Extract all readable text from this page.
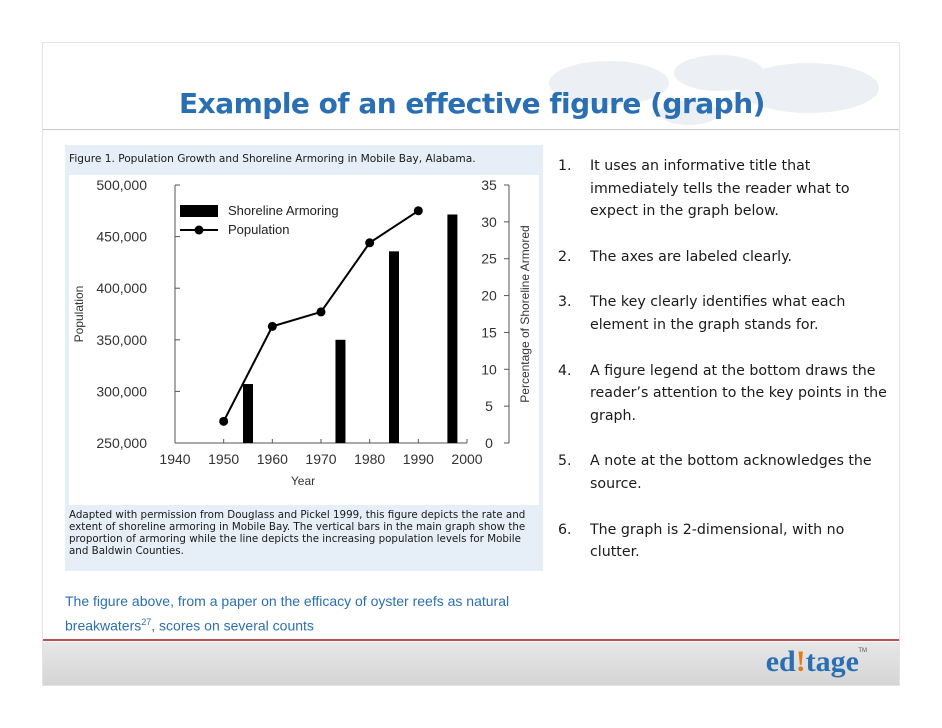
Example of an effective figure (graph)
Figure 1. Population Growth and Shoreline Armoring in Mobile Bay, Alabama.
500,000
450,000
400,000
350,000
300,000
250,000
35
30
25
20
15
10
5
0
1940 1950 1960 1970 1980 1990 2000
Year
Population	Percentage of Shoreline Armored
Shoreline Armoring
Population
Adapted with permission from Douglass and Pickel 1999, this figure depicts the rate and extent of shoreline armoring in Mobile Bay. The vertical bars in the main graph show the proportion of armoring while the line depicts the increasing population levels for Mobile and Baldwin Counties.
1. It uses an informative title that immediately tells the reader what to expect in the graph below.
2. The axes are labeled clearly.
3. The key clearly identifies what each element in the graph stands for.
4. A figure legend at the bottom draws the reader’s attention to the key points in the graph.
5. A note at the bottom acknowledges the source.
6. The graph is 2-dimensional, with no clutter.
The figure above, from a paper on the efficacy of oyster reefs as natural breakwaters$^{27}$, scores on several counts
ed!tage TM
